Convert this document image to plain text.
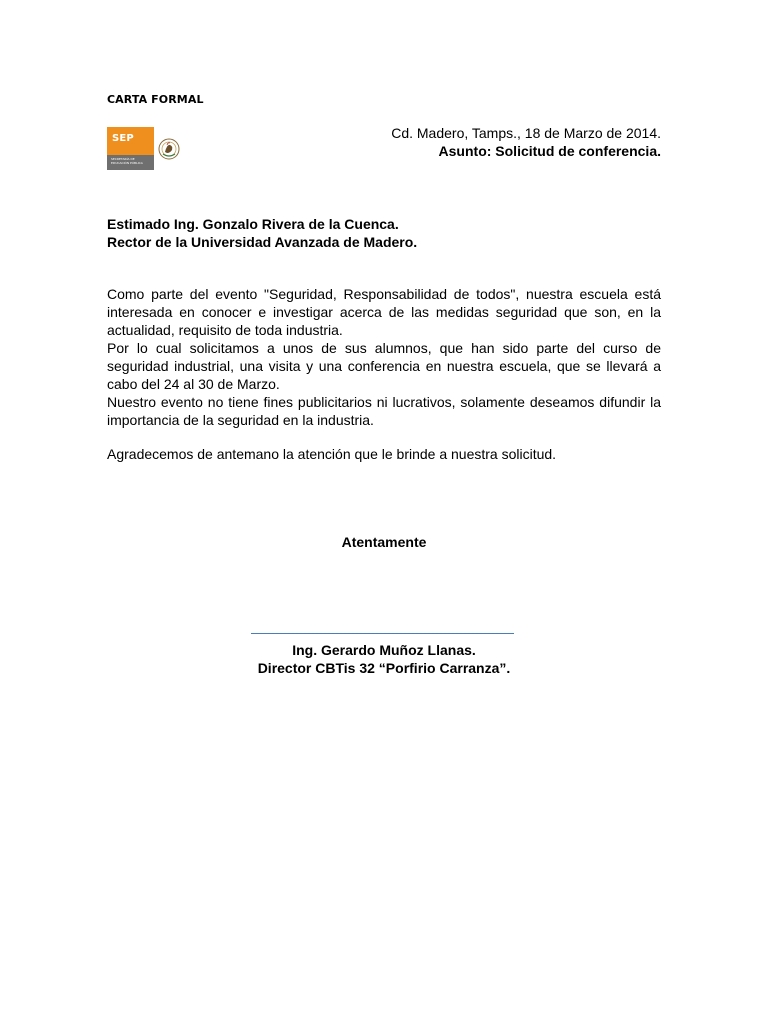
CARTA FORMAL
SEP
SECRETARÍA DE
EDUCACIÓN PÚBLICA
Cd. Madero, Tamps., 18 de Marzo de 2014.
Asunto: Solicitud de conferencia.
Estimado Ing. Gonzalo Rivera de la Cuenca.
Rector de la Universidad Avanzada de Madero.

Como parte del evento "Seguridad, Responsabilidad de todos", nuestra escuela está interesada en conocer e investigar acerca de las medidas seguridad que son, en la actualidad, requisito de toda industria.

Por lo cual solicitamos a unos de sus alumnos, que han sido parte del curso de seguridad industrial, una visita y una conferencia en nuestra escuela, que se llevará a cabo del 24 al 30 de Marzo.

Nuestro evento no tiene fines publicitarios ni lucrativos, solamente deseamos difundir la importancia de la seguridad en la industria.

Agradecemos de antemano la atención que le brinde a nuestra solicitud.
Atentamente
Ing. Gerardo Muñoz Llanas.
Director CBTis 32 “Porfirio Carranza”.
